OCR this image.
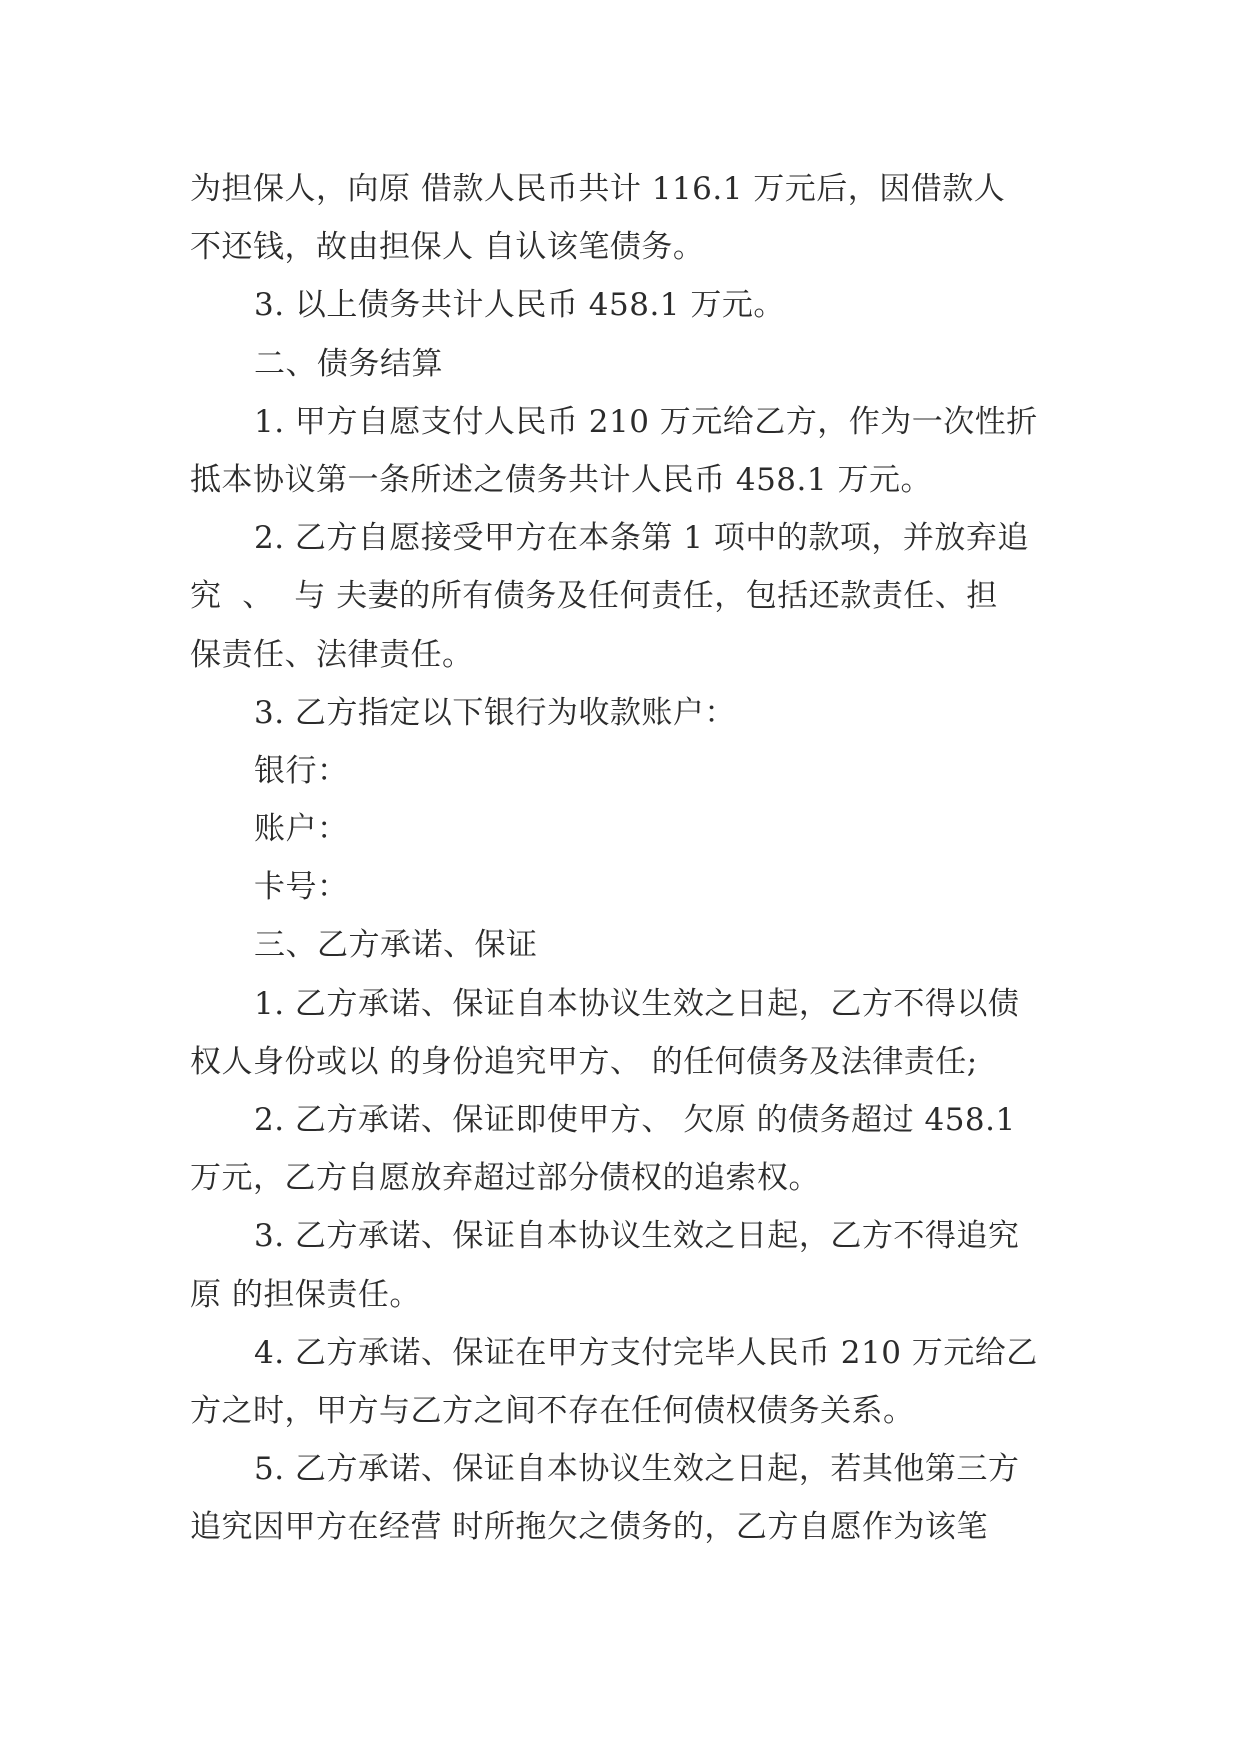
为担保人，向原 借款人民币共计 116.1 万元后，因借款人
不还钱，故由担保人 自认该笔债务。
3. 以上债务共计人民币 458.1 万元。
二、债务结算
1. 甲方自愿支付人民币 210 万元给乙方，作为一次性折
抵本协议第一条所述之债务共计人民币 458.1 万元。
2. 乙方自愿接受甲方在本条第 1 项中的款项，并放弃追
究  、  与 夫妻的所有债务及任何责任，包括还款责任、担
保责任、法律责任。
3. 乙方指定以下银行为收款账户：
银行：
账户：
卡号：
三、乙方承诺、保证
1. 乙方承诺、保证自本协议生效之日起，乙方不得以债
权人身份或以 的身份追究甲方、 的任何债务及法律责任;
2. 乙方承诺、保证即使甲方、 欠原 的债务超过 458.1
万元，乙方自愿放弃超过部分债权的追索权。
3. 乙方承诺、保证自本协议生效之日起，乙方不得追究
原 的担保责任。
4. 乙方承诺、保证在甲方支付完毕人民币 210 万元给乙
方之时，甲方与乙方之间不存在任何债权债务关系。
5. 乙方承诺、保证自本协议生效之日起，若其他第三方
追究因甲方在经营 时所拖欠之债务的，乙方自愿作为该笔
